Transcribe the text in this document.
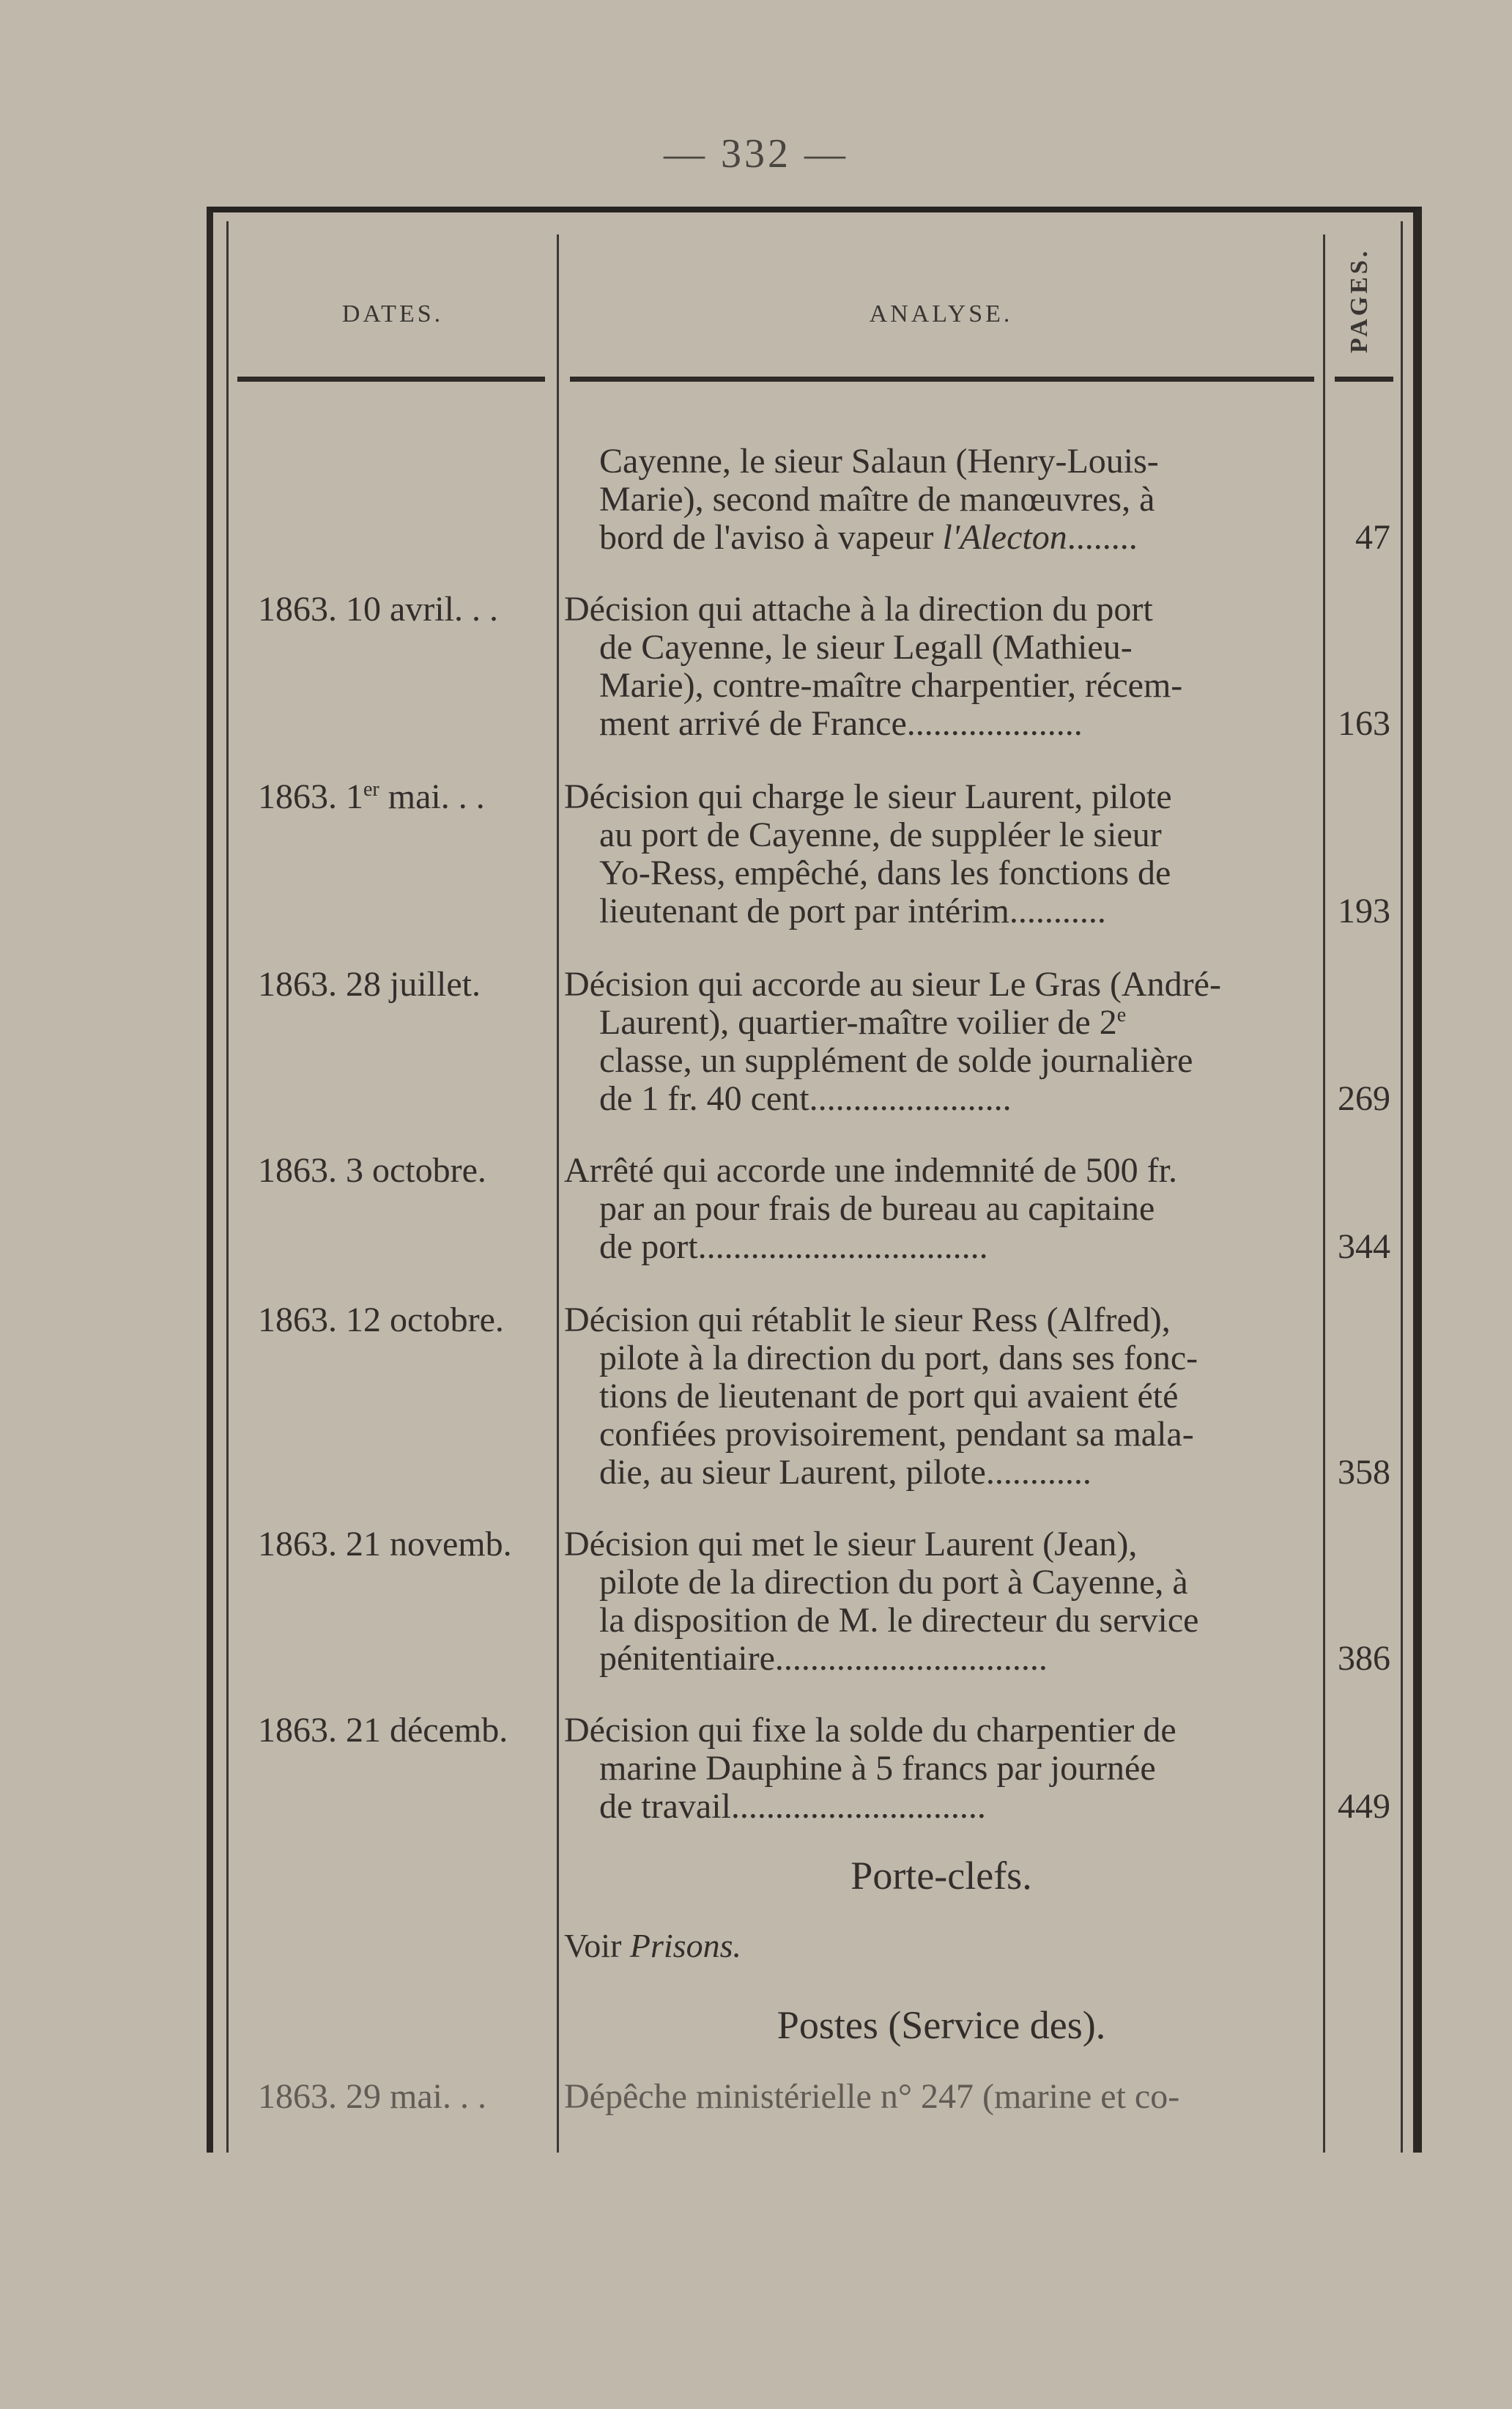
— 332 —
DATES.	ANALYSE.	PAGES.
Cayenne, le sieur Salaun (Henry-Louis-
Marie), second maître de manœuvres, à
bord de l'aviso à vapeur l'Alecton........	47
1863. 10 avril. . .	Décision qui attache à la direction du port
de Cayenne, le sieur Legall (Mathieu-
Marie), contre-maître charpentier, récem-
ment arrivé de France....................	163
1863. 1er mai. . .	Décision qui charge le sieur Laurent, pilote
au port de Cayenne, de suppléer le sieur
Yo-Ress, empêché, dans les fonctions de
lieutenant de port par intérim...........	193
1863. 28 juillet.	Décision qui accorde au sieur Le Gras (André-
Laurent), quartier-maître voilier de 2e
classe, un supplément de solde journalière
de 1 fr. 40 cent.......................	269
1863. 3 octobre.	Arrêté qui accorde une indemnité de 500 fr.
par an pour frais de bureau au capitaine
de port.................................	344
1863. 12 octobre.	Décision qui rétablit le sieur Ress (Alfred),
pilote à la direction du port, dans ses fonc-
tions de lieutenant de port qui avaient été
confiées provisoirement, pendant sa mala-
die, au sieur Laurent, pilote............	358
1863. 21 novemb.	Décision qui met le sieur Laurent (Jean),
pilote de la direction du port à Cayenne, à
la disposition de M. le directeur du service
pénitentiaire...............................	386
1863. 21 décemb.	Décision qui fixe la solde du charpentier de
marine Dauphine à 5 francs par journée
de travail.............................	449
Porte-clefs.
Voir Prisons.
Postes (Service des).
1863. 29 mai. . .	Dépêche ministérielle n° 247 (marine et co-
